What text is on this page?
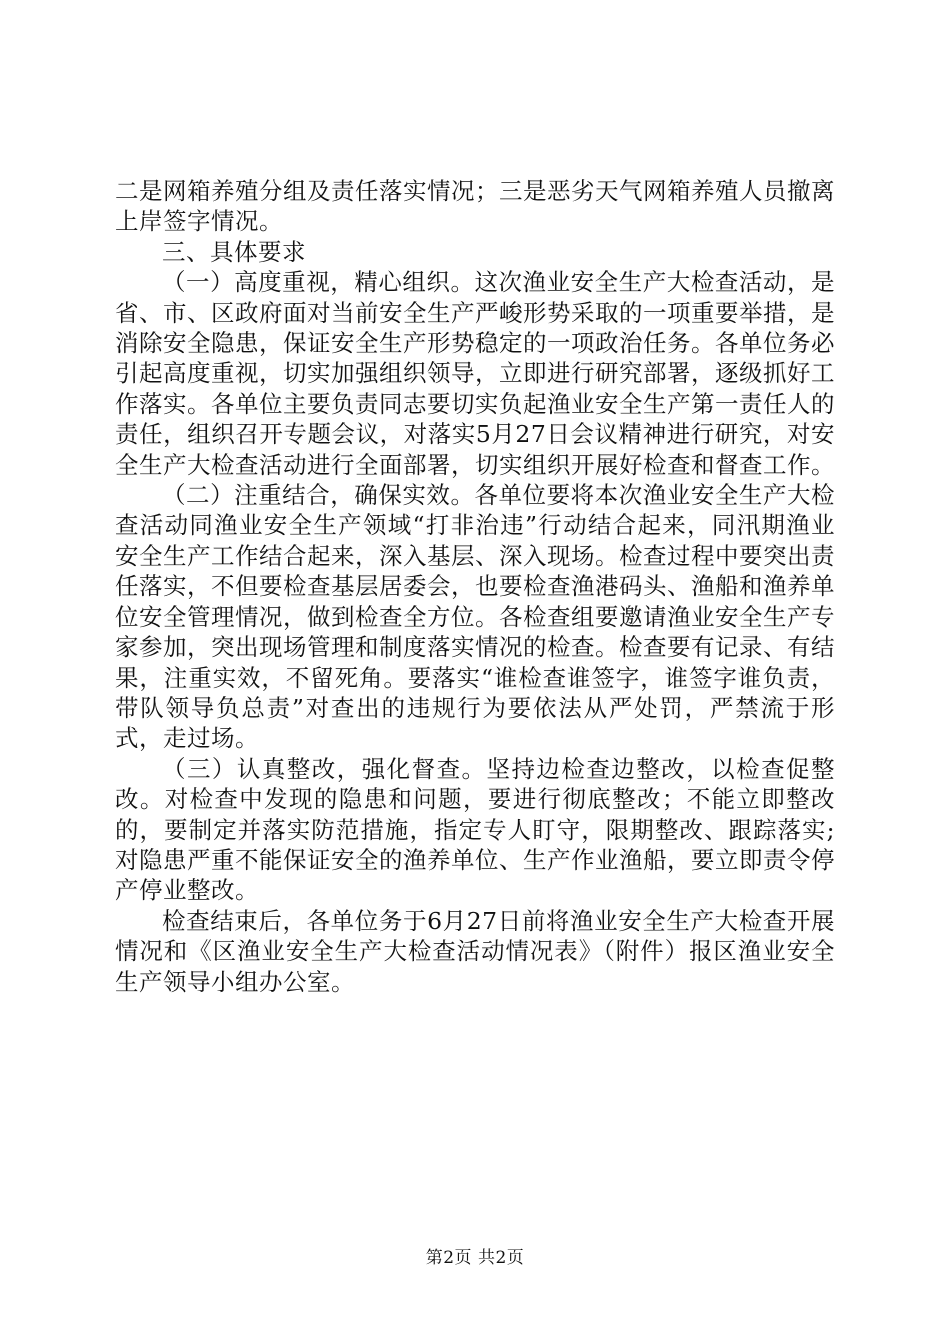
二是网箱养殖分组及责任落实情况；三是恶劣天气网箱养殖人员撤离上岸签字情况。

三、具体要求

（一）高度重视，精心组织。这次渔业安全生产大检查活动，是省、市、区政府面对当前安全生产严峻形势采取的一项重要举措，是消除安全隐患，保证安全生产形势稳定的一项政治任务。各单位务必引起高度重视，切实加强组织领导，立即进行研究部署，逐级抓好工作落实。各单位主要负责同志要切实负起渔业安全生产第一责任人的责任，组织召开专题会议，对落实5月27日会议精神进行研究，对安全生产大检查活动进行全面部署，切实组织开展好检查和督查工作。

（二）注重结合，确保实效。各单位要将本次渔业安全生产大检查活动同渔业安全生产领域“打非治违”行动结合起来，同汛期渔业安全生产工作结合起来，深入基层、深入现场。检查过程中要突出责任落实，不但要检查基层居委会，也要检查渔港码头、渔船和渔养单位安全管理情况，做到检查全方位。各检查组要邀请渔业安全生产专家参加，突出现场管理和制度落实情况的检查。检查要有记录、有结果，注重实效，不留死角。要落实“谁检查谁签字，谁签字谁负责，带队领导负总责”对查出的违规行为要依法从严处罚，严禁流于形式，走过场。

（三）认真整改，强化督查。坚持边检查边整改，以检查促整改。对检查中发现的隐患和问题，要进行彻底整改；不能立即整改的，要制定并落实防范措施，指定专人盯守，限期整改、跟踪落实;对隐患严重不能保证安全的渔养单位、生产作业渔船，要立即责令停产停业整改。

检查结束后，各单位务于6月27日前将渔业安全生产大检查开展情况和《区渔业安全生产大检查活动情况表》（附件）报区渔业安全生产领导小组办公室。

第2页 共2页
